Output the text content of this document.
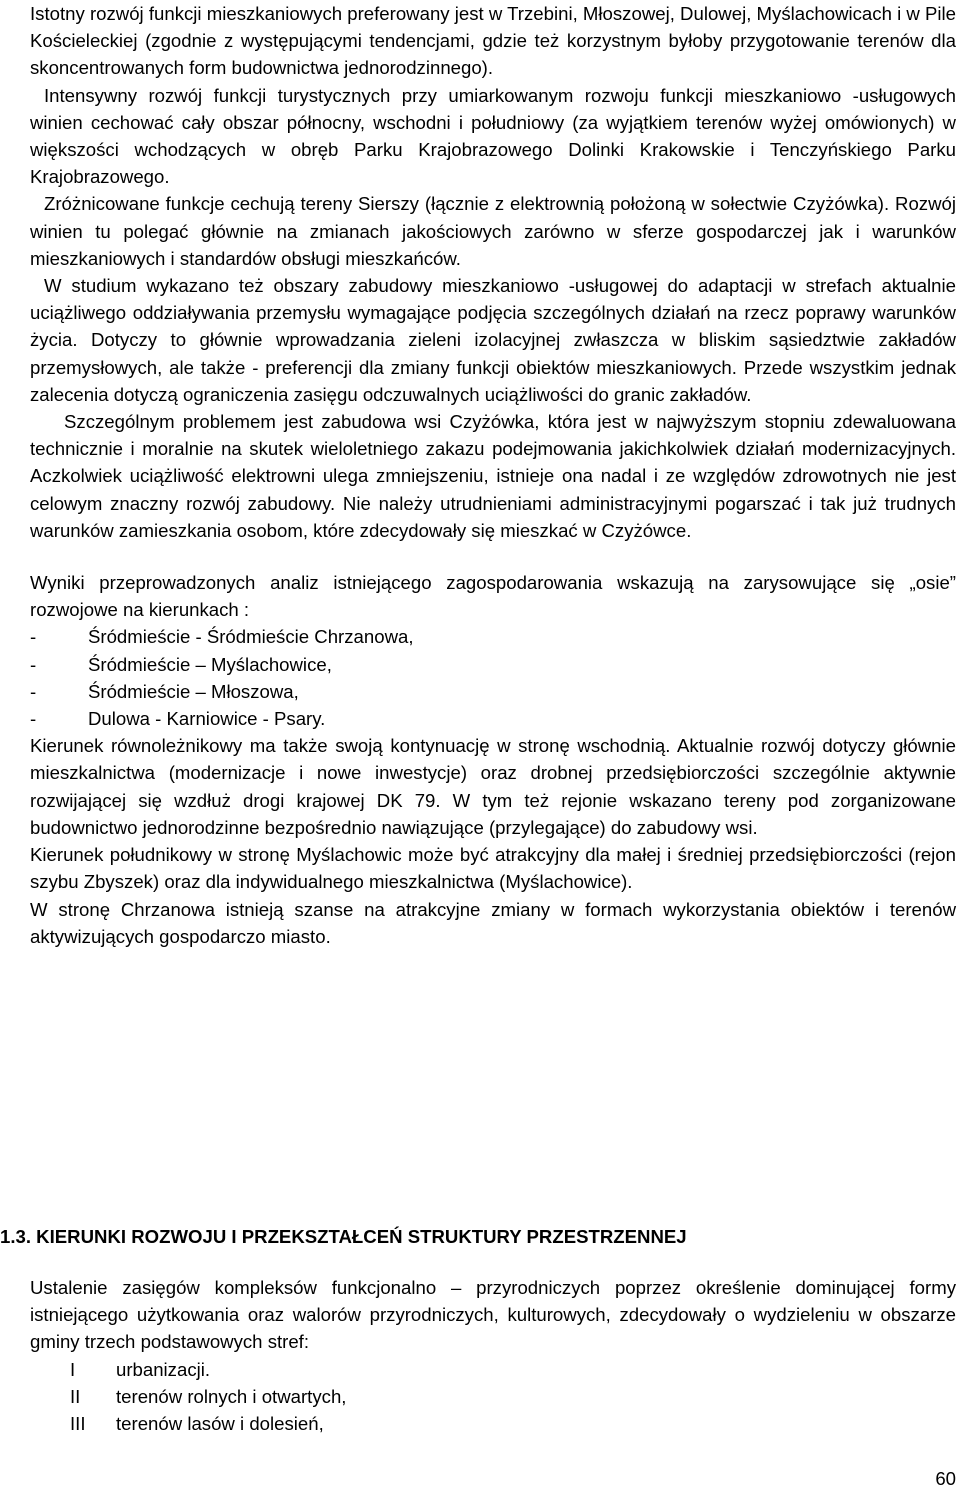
Istotny rozwój funkcji mieszkaniowych preferowany jest w Trzebini, Młoszowej, Dulowej, Myślachowicach i w Pile Kościeleckiej (zgodnie z występującymi tendencjami, gdzie też korzystnym byłoby przygotowanie terenów dla skoncentrowanych form budownictwa jednorodzinnego).

Intensywny rozwój funkcji turystycznych przy umiarkowanym rozwoju funkcji mieszkaniowo -usługowych winien cechować cały obszar północny, wschodni i południowy (za wyjątkiem terenów wyżej omówionych) w większości wchodzących w obręb Parku Krajobrazowego Dolinki Krakowskie i Tenczyńskiego Parku Krajobrazowego.

Zróżnicowane funkcje cechują tereny Sierszy (łącznie z elektrownią położoną w sołectwie Czyżówka). Rozwój winien tu polegać głównie na zmianach jakościowych zarówno w sferze gospodarczej jak i warunków mieszkaniowych i standardów obsługi mieszkańców.

W studium wykazano też obszary zabudowy mieszkaniowo -usługowej do adaptacji w strefach aktualnie uciążliwego oddziaływania przemysłu wymagające podjęcia szczególnych działań na rzecz poprawy warunków życia. Dotyczy to głównie wprowadzania zieleni izolacyjnej zwłaszcza w bliskim sąsiedztwie zakładów przemysłowych, ale także - preferencji dla zmiany funkcji obiektów mieszkaniowych. Przede wszystkim jednak zalecenia dotyczą ograniczenia zasięgu odczuwalnych uciążliwości do granic zakładów.

Szczególnym problemem jest zabudowa wsi Czyżówka, która jest w najwyższym stopniu zdewaluowana technicznie i moralnie na skutek wieloletniego zakazu podejmowania jakichkolwiek działań modernizacyjnych. Aczkolwiek uciążliwość elektrowni ulega zmniejszeniu, istnieje ona nadal i ze względów zdrowotnych nie jest celowym znaczny rozwój zabudowy. Nie należy utrudnieniami administracyjnymi pogarszać i tak już trudnych warunków zamieszkania osobom, które zdecydowały się mieszkać w Czyżówce.

Wyniki przeprowadzonych analiz istniejącego zagospodarowania wskazują na zarysowujące się „osie” rozwojowe na kierunkach :

-	Śródmieście - Śródmieście Chrzanowa,
-	Śródmieście – Myślachowice,
-	Śródmieście – Młoszowa,
-	Dulowa - Karniowice - Psary.

Kierunek równoleżnikowy ma także swoją kontynuację w stronę wschodnią. Aktualnie rozwój dotyczy głównie mieszkalnictwa (modernizacje i nowe inwestycje) oraz drobnej przedsiębiorczości szczególnie aktywnie rozwijającej się wzdłuż drogi krajowej DK 79. W tym też rejonie wskazano tereny pod zorganizowane budownictwo jednorodzinne bezpośrednio nawiązujące (przylegające) do zabudowy wsi.

Kierunek południkowy w stronę Myślachowic może być atrakcyjny dla małej i średniej przedsiębiorczości (rejon szybu Zbyszek) oraz dla indywidualnego mieszkalnictwa (Myślachowice).

W stronę Chrzanowa istnieją szanse na atrakcyjne zmiany w formach wykorzystania obiektów i terenów aktywizujących gospodarczo miasto.

1.3. KIERUNKI ROZWOJU I PRZEKSZTAŁCEŃ STRUKTURY PRZESTRZENNEJ

Ustalenie zasięgów kompleksów funkcjonalno – przyrodniczych poprzez określenie dominującej formy istniejącego użytkowania oraz walorów przyrodniczych, kulturowych, zdecydowały o wydzieleniu w obszarze gminy trzech podstawowych stref:

I urbanizacji.
II terenów rolnych i otwartych,
III terenów lasów i dolesień,
60
